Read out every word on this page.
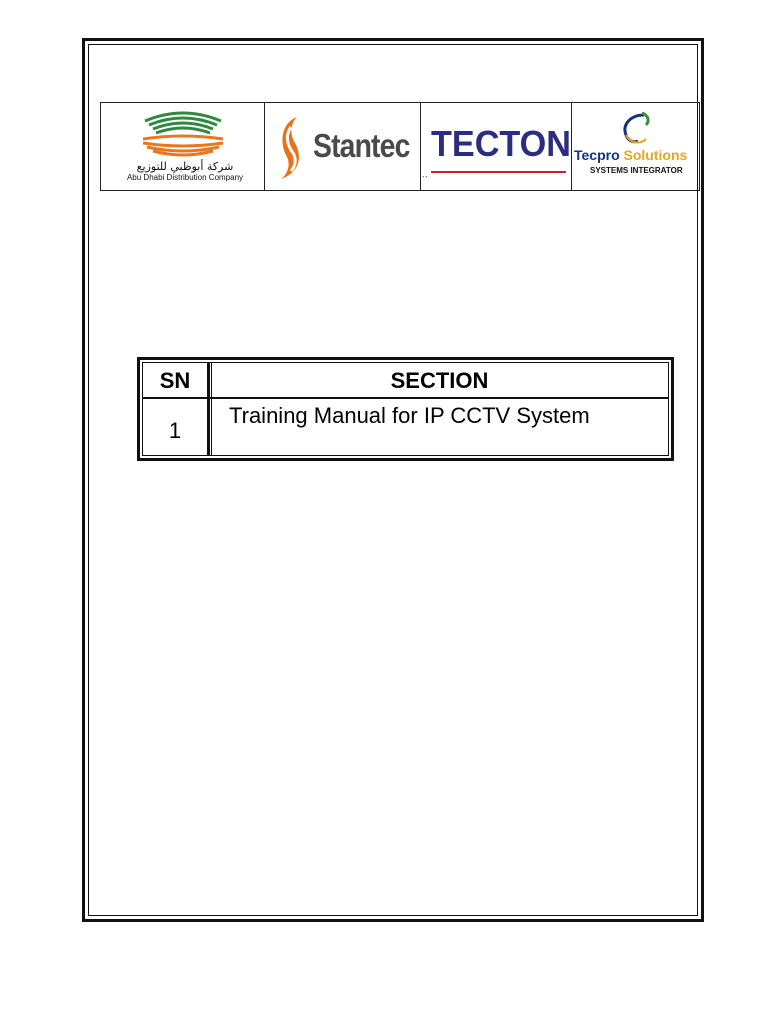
شركة أبوظبي للتوزيع
Abu Dhabi Distribution Company
Stantec TECTON
``
Tecpro Solutions
SYSTEMS INTEGRATOR
SN	SECTION
1
Training Manual for IP CCTV System
